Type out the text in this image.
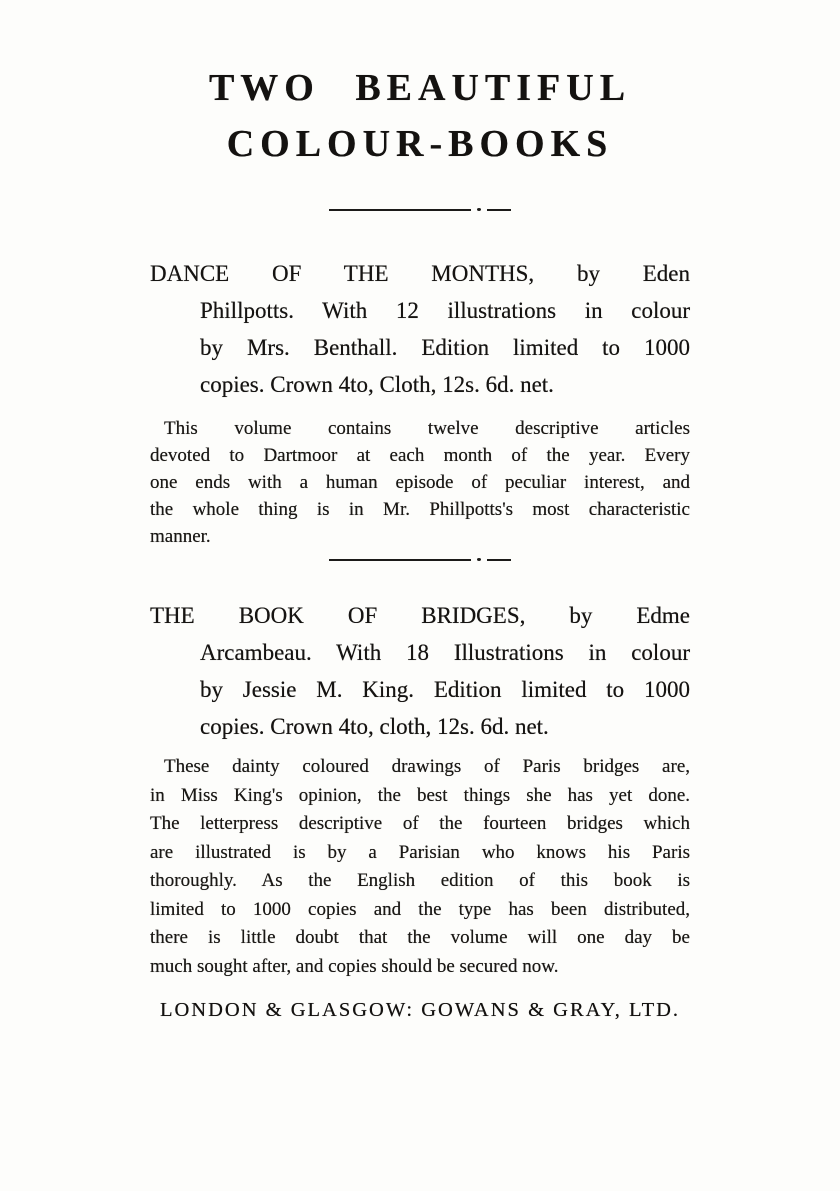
TWO BEAUTIFUL
COLOUR-BOOKS

DANCE OF THE MONTHS, by Eden
Phillpotts. With 12 illustrations in colour
by Mrs. Benthall. Edition limited to 1000
copies. Crown 4to, Cloth, 12s. 6d. net.

This volume contains twelve descriptive articles
devoted to Dartmoor at each month of the year. Every
one ends with a human episode of peculiar interest, and
the whole thing is in Mr. Phillpotts's most characteristic
manner.

THE BOOK OF BRIDGES, by Edme
Arcambeau. With 18 Illustrations in colour
by Jessie M. King. Edition limited to 1000
copies. Crown 4to, cloth, 12s. 6d. net.

These dainty coloured drawings of Paris bridges are,
in Miss King's opinion, the best things she has yet done.
The letterpress descriptive of the fourteen bridges which
are illustrated is by a Parisian who knows his Paris
thoroughly. As the English edition of this book is
limited to 1000 copies and the type has been distributed,
there is little doubt that the volume will one day be
much sought after, and copies should be secured now.

LONDON & GLASGOW: GOWANS & GRAY, LTD.
